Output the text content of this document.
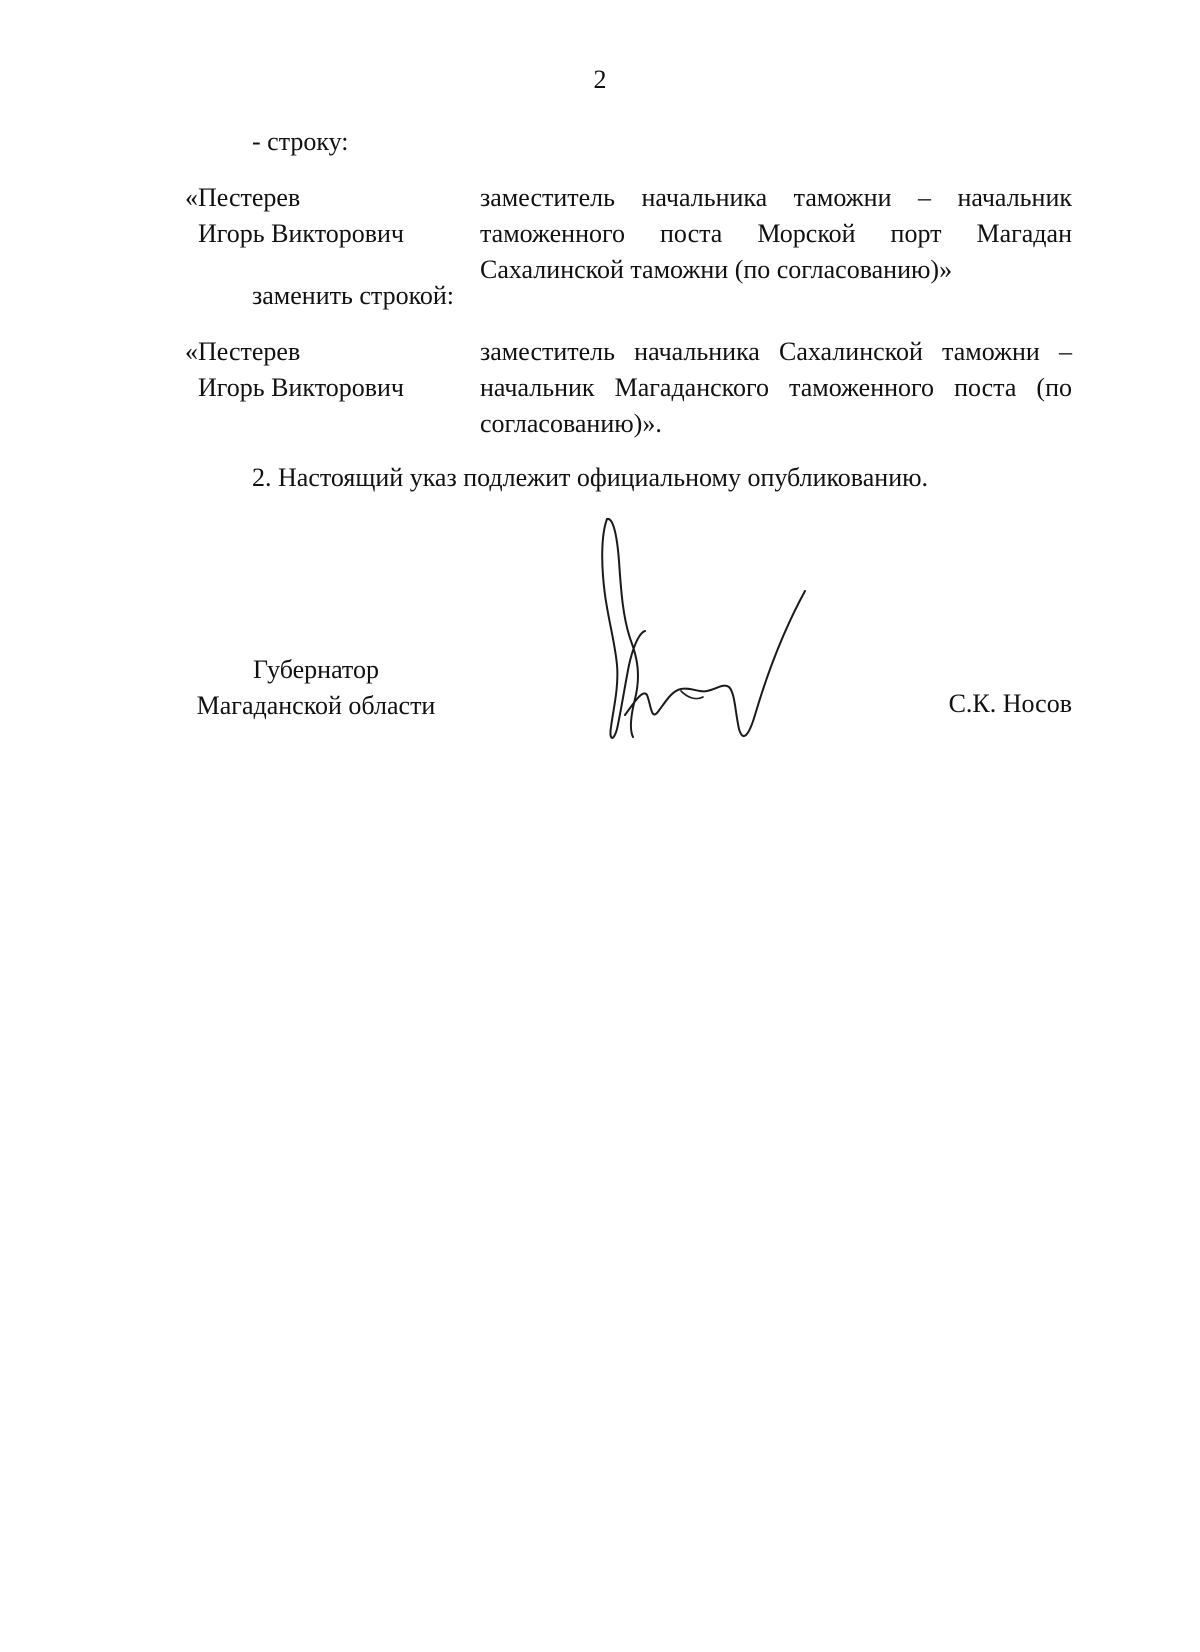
2
- строку:
«Пестерев
Игорь Викторович
заместитель начальника таможни – начальник таможенного поста Морской порт Магадан Сахалинской таможни (по согласованию)»
заменить строкой:
«Пестерев
Игорь Викторович
заместитель начальника Сахалинской таможни – начальник Магаданского таможенного поста (по согласованию)».
2. Настоящий указ подлежит официальному опубликованию.
Губернатор
Магаданской области	С.К. Носов
